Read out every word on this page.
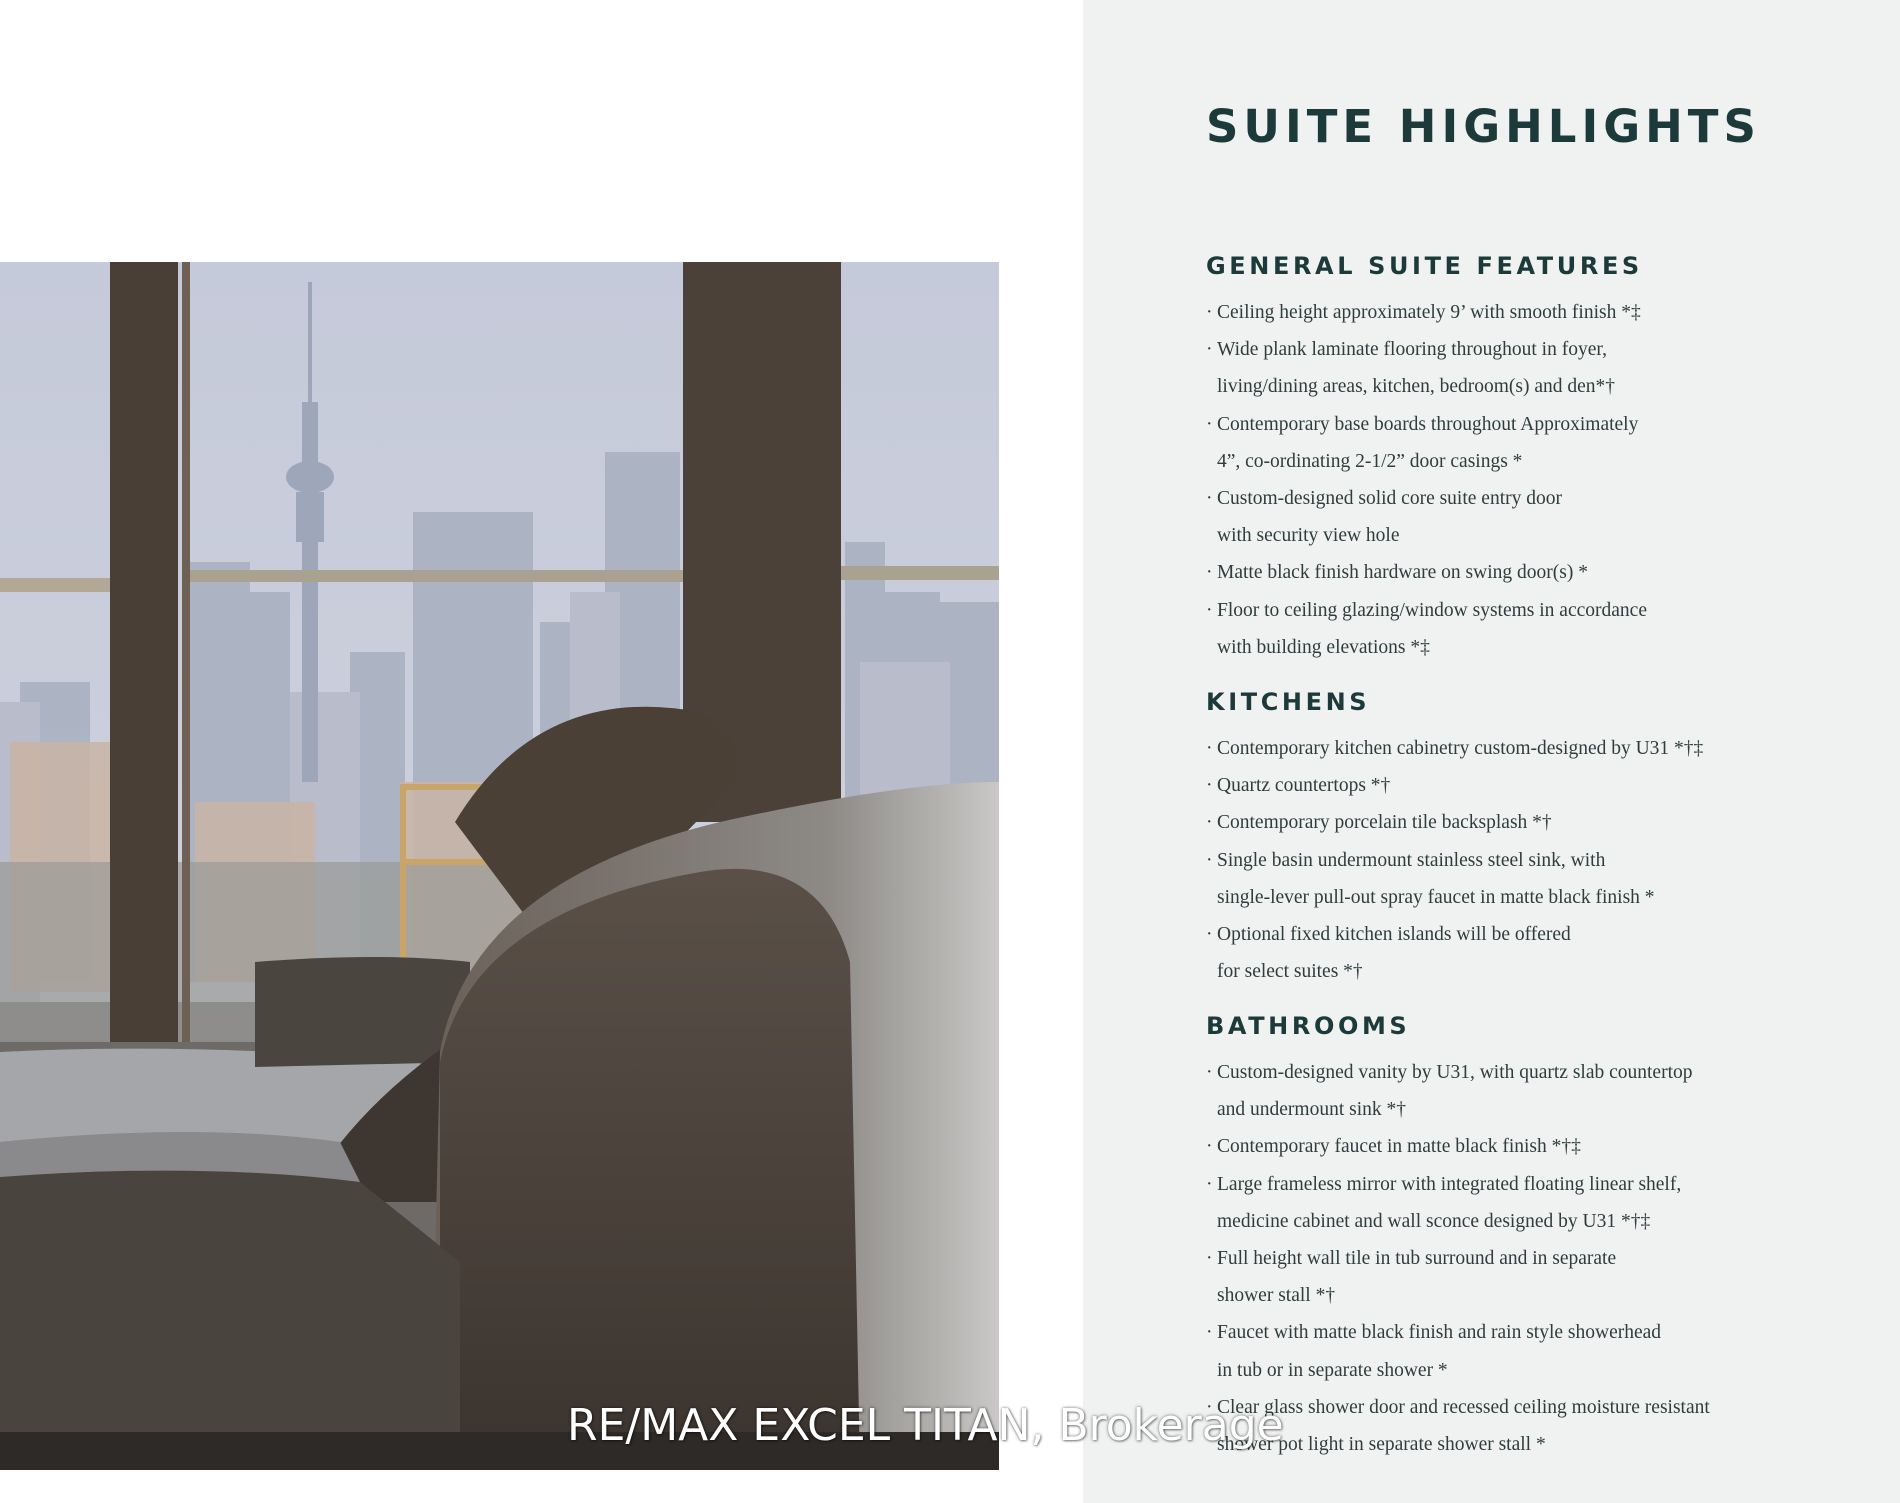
SUITE HIGHLIGHTS
GENERAL SUITE FEATURES
· Ceiling height approximately 9’ with smooth finish *‡
· Wide plank laminate flooring throughout in foyer,
living/dining areas, kitchen, bedroom(s) and den*†
· Contemporary base boards throughout Approximately
4”, co-ordinating 2-1/2” door casings *
· Custom-designed solid core suite entry door
with security view hole
· Matte black finish hardware on swing door(s) *
· Floor to ceiling glazing/window systems in accordance
with building elevations *‡
KITCHENS
· Contemporary kitchen cabinetry custom-designed by U31 *†‡
· Quartz countertops *†
· Contemporary porcelain tile backsplash *†
· Single basin undermount stainless steel sink, with
single-lever pull-out spray faucet in matte black finish *
· Optional fixed kitchen islands will be offered
for select suites *†
BATHROOMS
· Custom-designed vanity by U31, with quartz slab countertop
and undermount sink *†
· Contemporary faucet in matte black finish *†‡
· Large frameless mirror with integrated floating linear shelf,
medicine cabinet and wall sconce designed by U31 *†‡
· Full height wall tile in tub surround and in separate
shower stall *†
· Faucet with matte black finish and rain style showerhead
in tub or in separate shower *
· Clear glass shower door and recessed ceiling moisture resistant
shower pot light in separate shower stall *

RE/MAX EXCEL TITAN, Brokerage
